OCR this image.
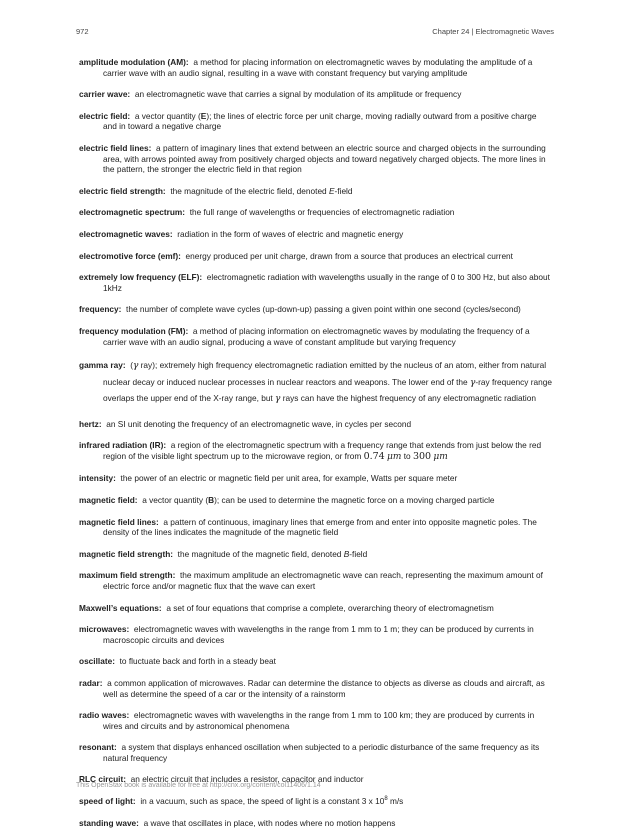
972	Chapter 24 | Electromagnetic Waves

amplitude modulation (AM): a method for placing information on electromagnetic waves by modulating the amplitude of a carrier wave with an audio signal, resulting in a wave with constant frequency but varying amplitude

carrier wave: an electromagnetic wave that carries a signal by modulation of its amplitude or frequency

electric field: a vector quantity (E); the lines of electric force per unit charge, moving radially outward from a positive charge and in toward a negative charge

electric field lines: a pattern of imaginary lines that extend between an electric source and charged objects in the surrounding area, with arrows pointed away from positively charged objects and toward negatively charged objects. The more lines in the pattern, the stronger the electric field in that region

electric field strength: the magnitude of the electric field, denoted E-field

electromagnetic spectrum: the full range of wavelengths or frequencies of electromagnetic radiation

electromagnetic waves: radiation in the form of waves of electric and magnetic energy

electromotive force (emf): energy produced per unit charge, drawn from a source that produces an electrical current

extremely low frequency (ELF): electromagnetic radiation with wavelengths usually in the range of 0 to 300 Hz, but also about 1kHz

frequency: the number of complete wave cycles (up-down-up) passing a given point within one second (cycles/second)

frequency modulation (FM): a method of placing information on electromagnetic waves by modulating the frequency of a carrier wave with an audio signal, producing a wave of constant amplitude but varying frequency

gamma ray: (γ ray); extremely high frequency electromagnetic radiation emitted by the nucleus of an atom, either from natural nuclear decay or induced nuclear processes in nuclear reactors and weapons. The lower end of the γ-ray frequency range overlaps the upper end of the X-ray range, but γ rays can have the highest frequency of any electromagnetic radiation

hertz: an SI unit denoting the frequency of an electromagnetic wave, in cycles per second

infrared radiation (IR): a region of the electromagnetic spectrum with a frequency range that extends from just below the red region of the visible light spectrum up to the microwave region, or from 0.74 μm to 300 μm

intensity: the power of an electric or magnetic field per unit area, for example, Watts per square meter

magnetic field: a vector quantity (B); can be used to determine the magnetic force on a moving charged particle

magnetic field lines: a pattern of continuous, imaginary lines that emerge from and enter into opposite magnetic poles. The density of the lines indicates the magnitude of the magnetic field

magnetic field strength: the magnitude of the magnetic field, denoted B-field

maximum field strength: the maximum amplitude an electromagnetic wave can reach, representing the maximum amount of electric force and/or magnetic flux that the wave can exert

Maxwell’s equations: a set of four equations that comprise a complete, overarching theory of electromagnetism

microwaves: electromagnetic waves with wavelengths in the range from 1 mm to 1 m; they can be produced by currents in macroscopic circuits and devices

oscillate: to fluctuate back and forth in a steady beat

radar: a common application of microwaves. Radar can determine the distance to objects as diverse as clouds and aircraft, as well as determine the speed of a car or the intensity of a rainstorm

radio waves: electromagnetic waves with wavelengths in the range from 1 mm to 100 km; they are produced by currents in wires and circuits and by astronomical phenomena

resonant: a system that displays enhanced oscillation when subjected to a periodic disturbance of the same frequency as its natural frequency

RLC circuit: an electric circuit that includes a resistor, capacitor and inductor

speed of light: in a vacuum, such as space, the speed of light is a constant 3 x $10^8$ m/s

standing wave: a wave that oscillates in place, with nodes where no motion happens

This OpenStax book is available for free at http://cnx.org/content/col11406/1.14
